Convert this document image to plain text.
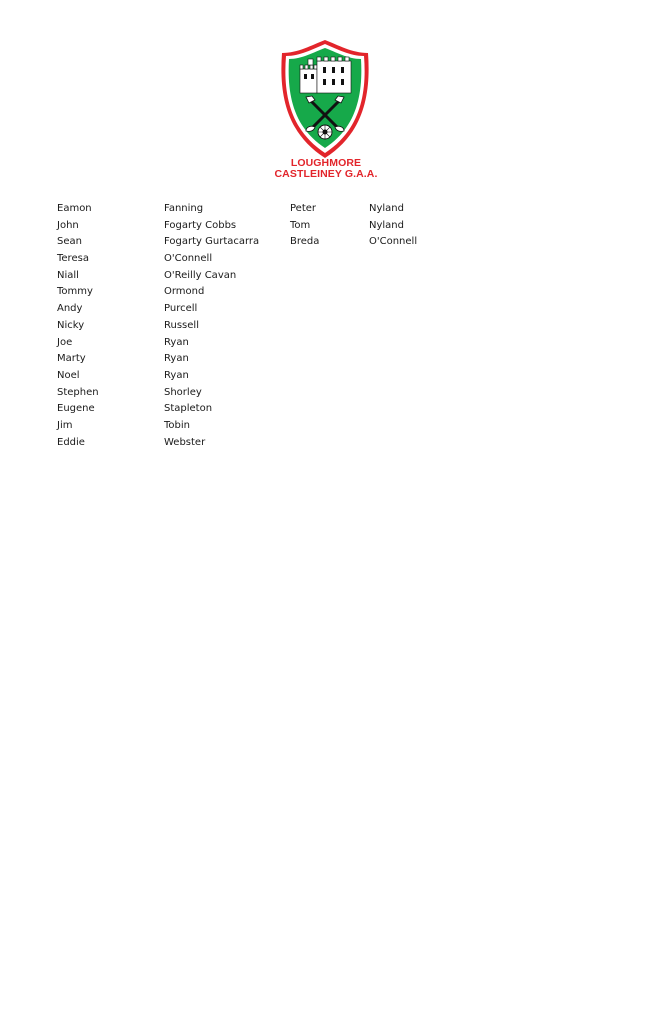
LOUGHMORE
CASTLEINEY G.A.A.
Eamon	Fanning	Peter	Nyland
John	Fogarty Cobbs	Tom	Nyland
Sean	Fogarty Gurtacarra	Breda	O'Connell
Teresa	O'Connell
Niall	O'Reilly Cavan
Tommy	Ormond
Andy	Purcell
Nicky	Russell
Joe	Ryan
Marty	Ryan
Noel	Ryan
Stephen	Shorley
Eugene	Stapleton
Jim	Tobin
Eddie	Webster
